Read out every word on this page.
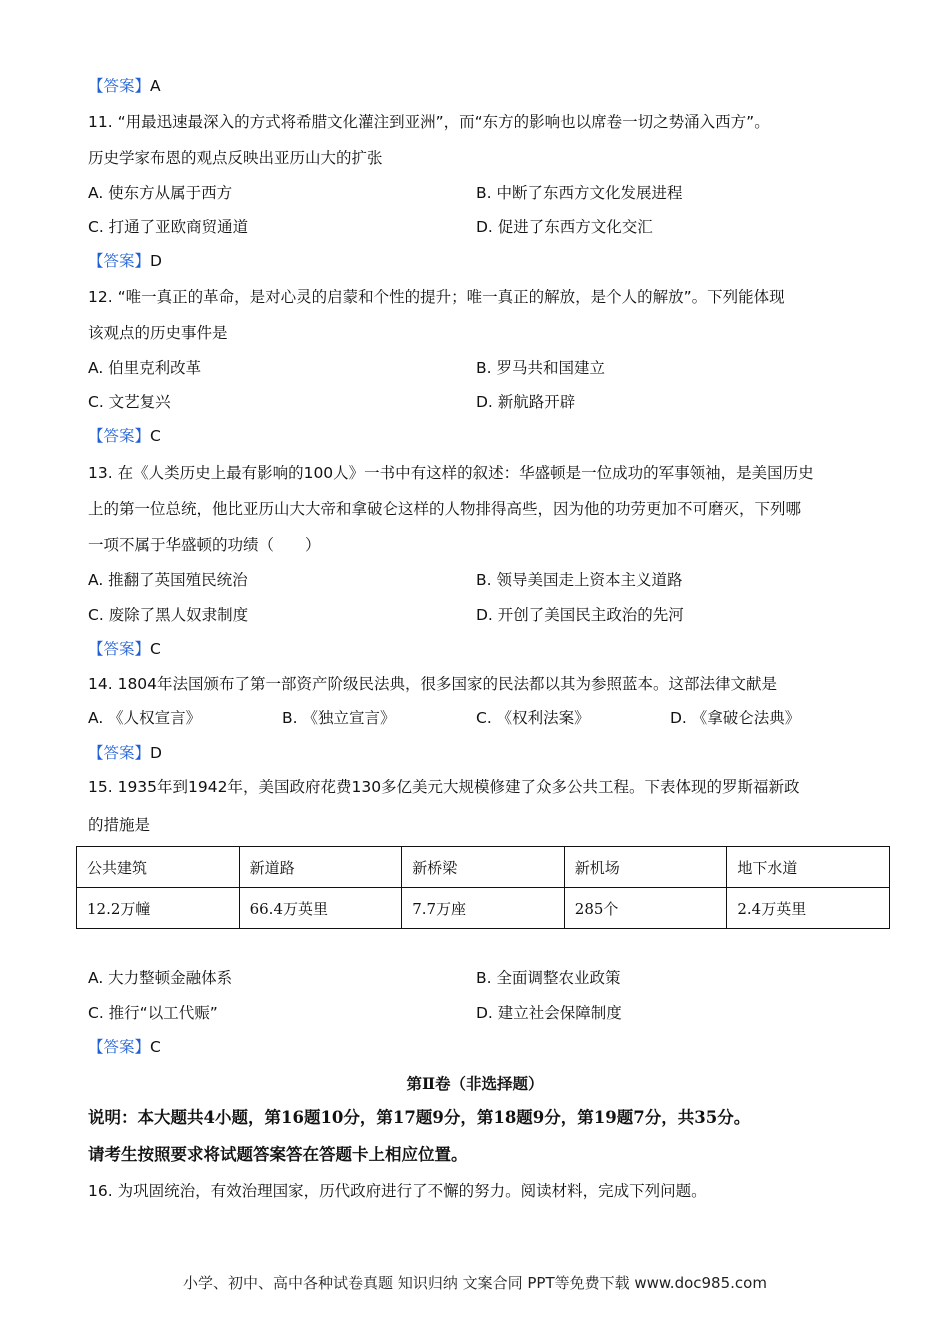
【答案】A
11. “用最迅速最深入的方式将希腊文化灌注到亚洲”，而“东方的影响也以席卷一切之势涌入西方”。
历史学家布恩的观点反映出亚历山大的扩张
A. 使东方从属于西方	B. 中断了东西方文化发展进程
C. 打通了亚欧商贸通道	D. 促进了东西方文化交汇
【答案】D
12. “唯一真正的革命，是对心灵的启蒙和个性的提升；唯一真正的解放，是个人的解放”。下列能体现
该观点的历史事件是
A. 伯里克利改革	B. 罗马共和国建立
C. 文艺复兴	D. 新航路开辟
【答案】C
13. 在《人类历史上最有影响的100人》一书中有这样的叙述：华盛顿是一位成功的军事领袖，是美国历史
上的第一位总统，他比亚历山大大帝和拿破仑这样的人物排得高些，因为他的功劳更加不可磨灭，下列哪
一项不属于华盛顿的功绩（　　）
A. 推翻了英国殖民统治	B. 领导美国走上资本主义道路
C. 废除了黑人奴隶制度	D. 开创了美国民主政治的先河
【答案】C
14. 1804年法国颁布了第一部资产阶级民法典，很多国家的民法都以其为参照蓝本。这部法律文献是
A. 《人权宣言》	B. 《独立宣言》	C. 《权利法案》	D. 《拿破仑法典》
【答案】D
15. 1935年到1942年，美国政府花费130多亿美元大规模修建了众多公共工程。下表体现的罗斯福新政
的措施是
公共建筑	新道路	新桥梁	新机场	地下水道
12.2万幢	66.4万英里	7.7万座	285个	2.4万英里
A. 大力整顿金融体系	B. 全面调整农业政策
C. 推行“以工代赈”	D. 建立社会保障制度
【答案】C
第Ⅱ卷（非选择题）
说明：本大题共4小题，第16题10分，第17题9分，第18题9分，第19题7分，共35分。
请考生按照要求将试题答案答在答题卡上相应位置。
16. 为巩固统治，有效治理国家，历代政府进行了不懈的努力。阅读材料，完成下列问题。
小学、初中、高中各种试卷真题 知识归纳 文案合同 PPT等免费下载 www.doc985.com
